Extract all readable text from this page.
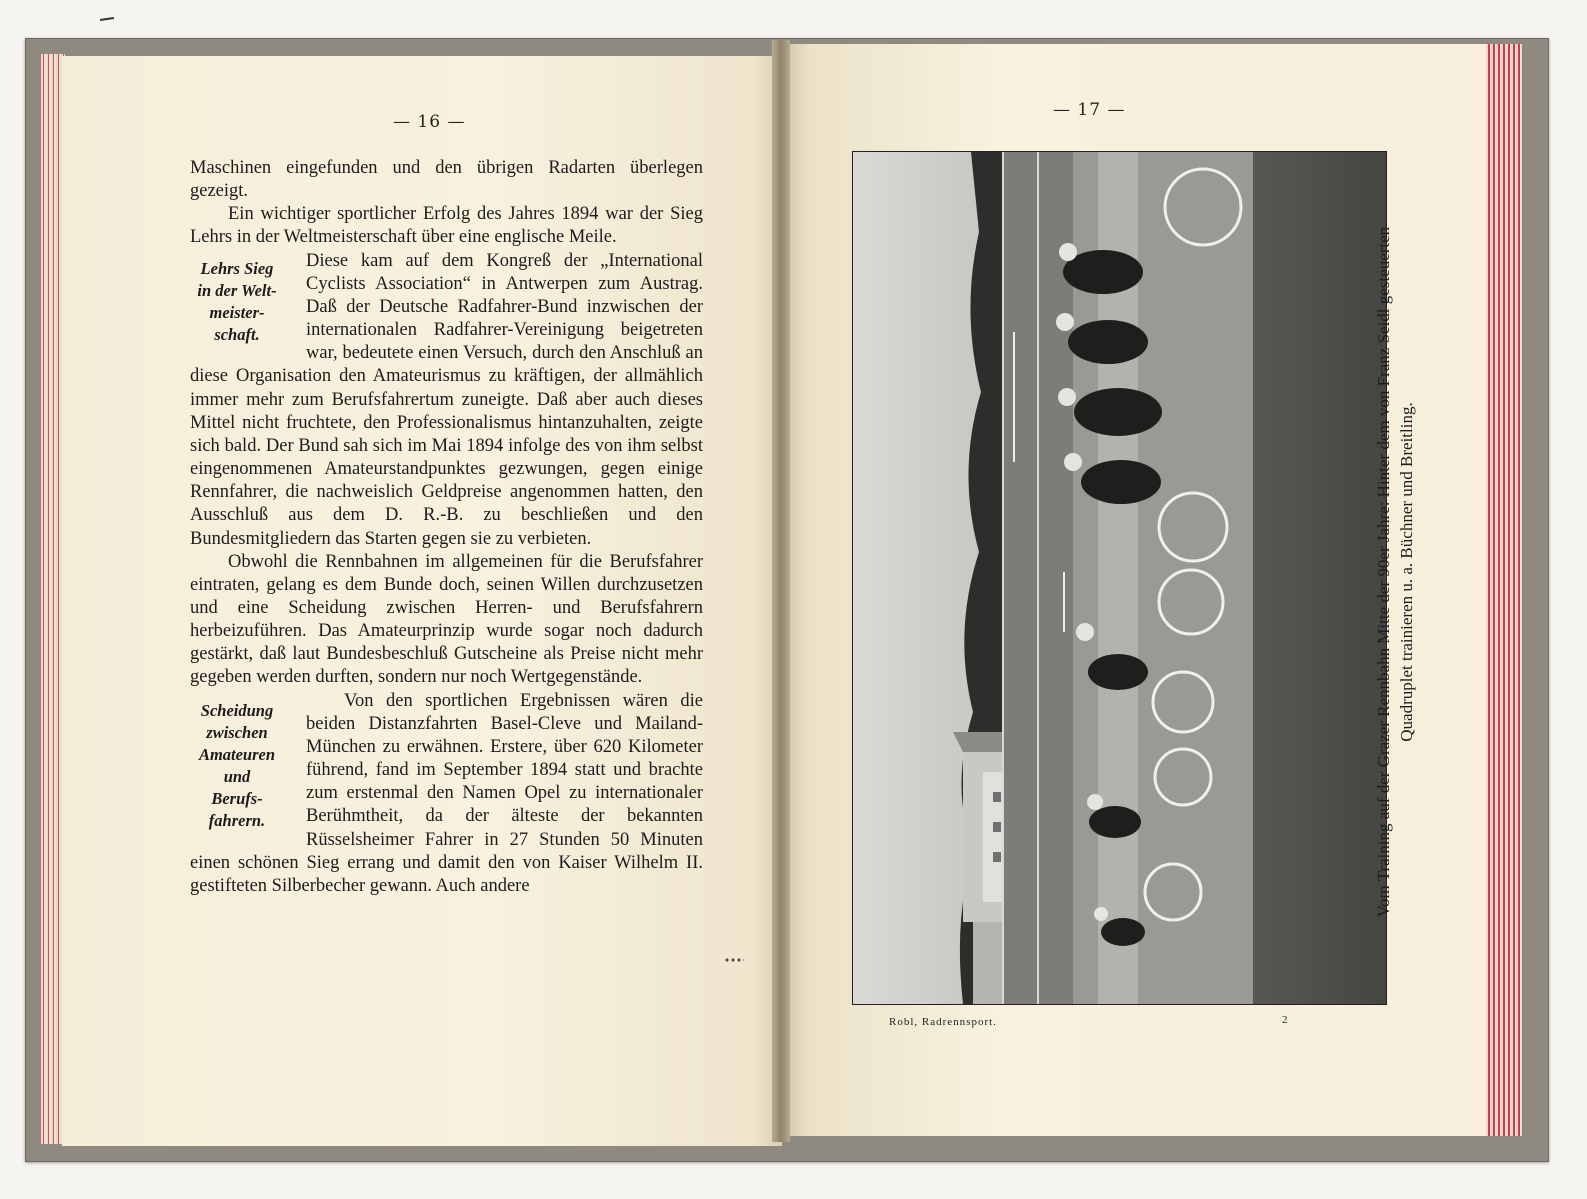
— 16 —

Maschinen eingefunden und den übrigen Radarten überlegen gezeigt.

Ein wichtiger sportlicher Erfolg des Jahres 1894 war der Sieg Lehrs in der Weltmeisterschaft über eine englische Meile.

Lehrs Sieg
in der Welt-
meister-
schaft.

Diese kam auf dem Kongreß der „International Cyclists Association“ in Antwerpen zum Austrag. Daß der Deutsche Radfahrer-Bund inzwischen der internationalen Radfahrer-Vereinigung beigetreten war, bedeutete einen Versuch, durch den Anschluß an diese Organisation den Amateurismus zu kräftigen, der allmählich immer mehr zum Berufsfahrertum zuneigte. Daß aber auch dieses Mittel nicht fruchtete, den Professionalismus hintanzuhalten, zeigte sich bald. Der Bund sah sich im Mai 1894 infolge des von ihm selbst eingenommenen Amateurstandpunktes gezwungen, gegen einige Rennfahrer, die nachweislich Geldpreise angenommen hatten, den Ausschluß aus dem D. R.-B. zu beschließen und den Bundesmitgliedern das Starten gegen sie zu verbieten.

Obwohl die Rennbahnen im allgemeinen für die Berufsfahrer eintraten, gelang es dem Bunde doch, seinen Willen durchzusetzen und eine Scheidung zwischen Herren- und Berufsfahrern herbeizuführen. Das Amateurprinzip wurde sogar noch dadurch gestärkt, daß laut Bundesbeschluß Gutscheine als Preise nicht mehr gegeben werden durften, sondern nur noch Wertgegenstände.

Scheidung
zwischen
Amateuren
und
Berufs-
fahrern.

Von den sportlichen Ergebnissen wären die beiden Distanzfahrten Basel-Cleve und Mailand-München zu erwähnen. Erstere, über 620 Kilometer führend, fand im September 1894 statt und brachte zum erstenmal den Namen Opel zu internationaler Berühmtheit, da der älteste der bekannten Rüsselsheimer Fahrer in 27 Stunden 50 Minuten einen schönen Sieg errang und damit den von Kaiser Wilhelm II. gestifteten Silberbecher gewann. Auch andere

— 17 —
Robl, Radrennsport.	2
Vom Training auf der Grazer Rennbahn Mitte der 90er Jahre: Hinter dem von Franz Seidl gesteuerten Quadruplet trainieren u. a. Büchner und Breitling.
